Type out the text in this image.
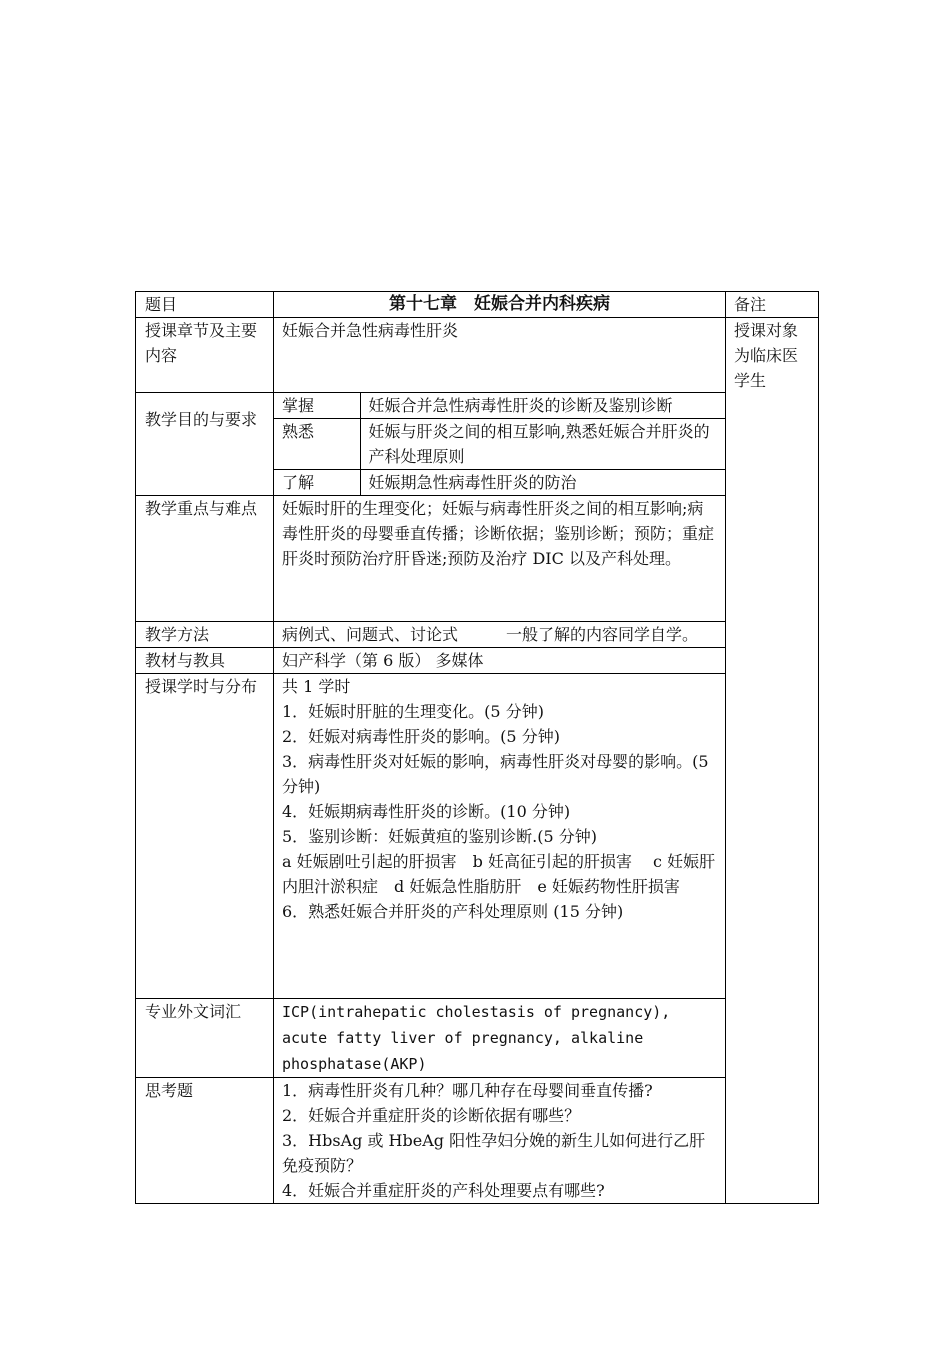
题目	第十七章　妊娠合并内科疾病	备注
授课章节及主要内容	妊娠合并急性病毒性肝炎	授课对象为临床医学生
教学目的与要求	
掌握	妊娠合并急性病毒性肝炎的诊断及鉴别诊断
熟悉	妊娠与肝炎之间的相互影响,熟悉妊娠合并肝炎的产科处理原则
了解	妊娠期急性病毒性肝炎的防治

教学重点与难点	妊娠时肝的生理变化；妊娠与病毒性肝炎之间的相互影响;病毒性肝炎的母婴垂直传播；诊断依据；鉴别诊断；预防；重症肝炎时预防治疗肝昏迷;预防及治疗 DIC 以及产科处理。
教学方法	病例式、问题式、讨论式　　　一般了解的内容同学自学。
教材与教具	妇产科学（第 6 版） 多媒体
授课学时与分布	共 1 学时
1．妊娠时肝脏的生理变化。(5 分钟)
2．妊娠对病毒性肝炎的影响。(5 分钟)
3．病毒性肝炎对妊娠的影响，病毒性肝炎对母婴的影响。(5 分钟)
4．妊娠期病毒性肝炎的诊断。(10 分钟)
5．鉴别诊断：妊娠黄疸的鉴别诊断.(5 分钟)
a 妊娠剧吐引起的肝损害　b 妊高征引起的肝损害　 c 妊娠肝内胆汁淤积症　d 妊娠急性脂肪肝　e 妊娠药物性肝损害
6．熟悉妊娠合并肝炎的产科处理原则 (15 分钟)

专业外文词汇	ICP(intrahepatic cholestasis of pregnancy), acute fatty liver of pregnancy, alkaline phosphatase(AKP)
思考题	1．病毒性肝炎有几种？哪几种存在母婴间垂直传播?
2．妊娠合并重症肝炎的诊断依据有哪些？
3．HbsAg 或 HbeAg 阳性孕妇分娩的新生儿如何进行乙肝免疫预防？
4．妊娠合并重症肝炎的产科处理要点有哪些?
